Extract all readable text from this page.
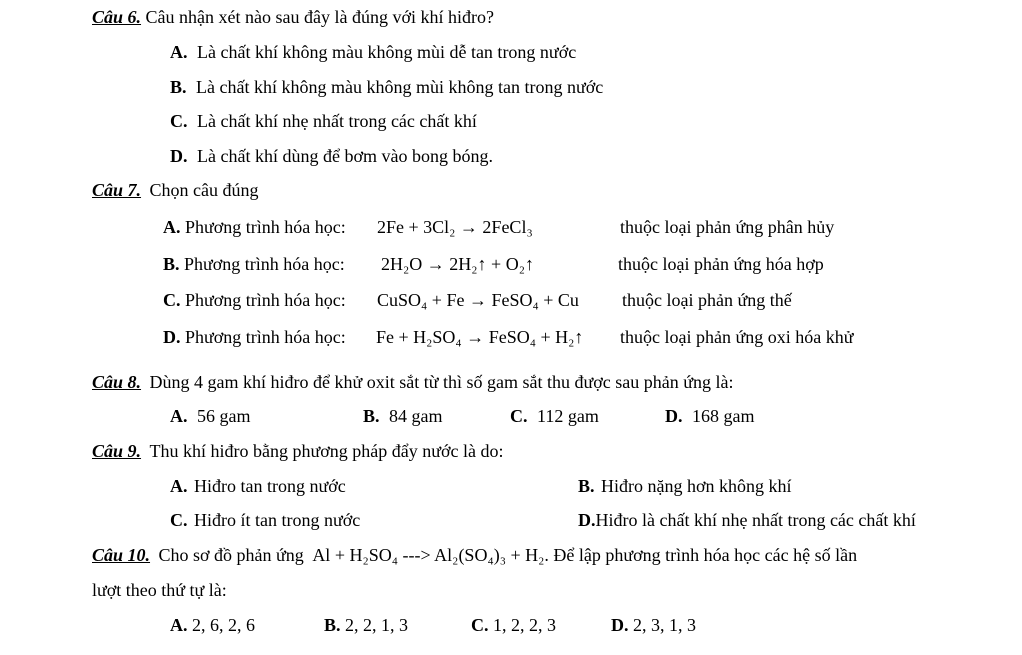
Câu 6. Câu nhận xét nào sau đây là đúng với khí hiđro?
A. Là chất khí không màu không mùi dễ tan trong nước
B. Là chất khí không màu không mùi không tan trong nước
C. Là chất khí nhẹ nhất trong các chất khí
D. Là chất khí dùng để bơm vào bong bóng.
Câu 7. Chọn câu đúng
A. Phương trình hóa học: 2Fe + 3Cl₂ → 2FeCl₃	thuộc loại phản ứng phân hủy
B. Phương trình hóa học: 2H₂O → 2H₂↑ + O₂↑	thuộc loại phản ứng hóa hợp
C. Phương trình hóa học: CuSO₄ + Fe → FeSO₄ + Cu thuộc loại phản ứng thế
D. Phương trình hóa học: Fe + H₂SO₄ → FeSO₄ + H₂↑ thuộc loại phản ứng oxi hóa khử
Câu 8. Dùng 4 gam khí hiđro để khử oxit sắt từ thì số gam sắt thu được sau phản ứng là:
A. 56 gam	B. 84 gam	C. 112 gam	D. 168 gam
Câu 9. Thu khí hiđro bằng phương pháp đẩy nước là do:
A. Hiđro tan trong nước	B. Hiđro nặng hơn không khí
C. Hiđro ít tan trong nước	D.Hiđro là chất khí nhẹ nhất trong các chất khí
Câu 10. Cho sơ đồ phản ứng Al + H₂SO₄ ---> Al₂(SO₄)₃ + H₂. Để lập phương trình hóa học các hệ số lần
lượt theo thứ tự là:
A. 2, 6, 2, 6	B. 2, 2, 1, 3	C. 1, 2, 2, 3	D. 2, 3, 1, 3
